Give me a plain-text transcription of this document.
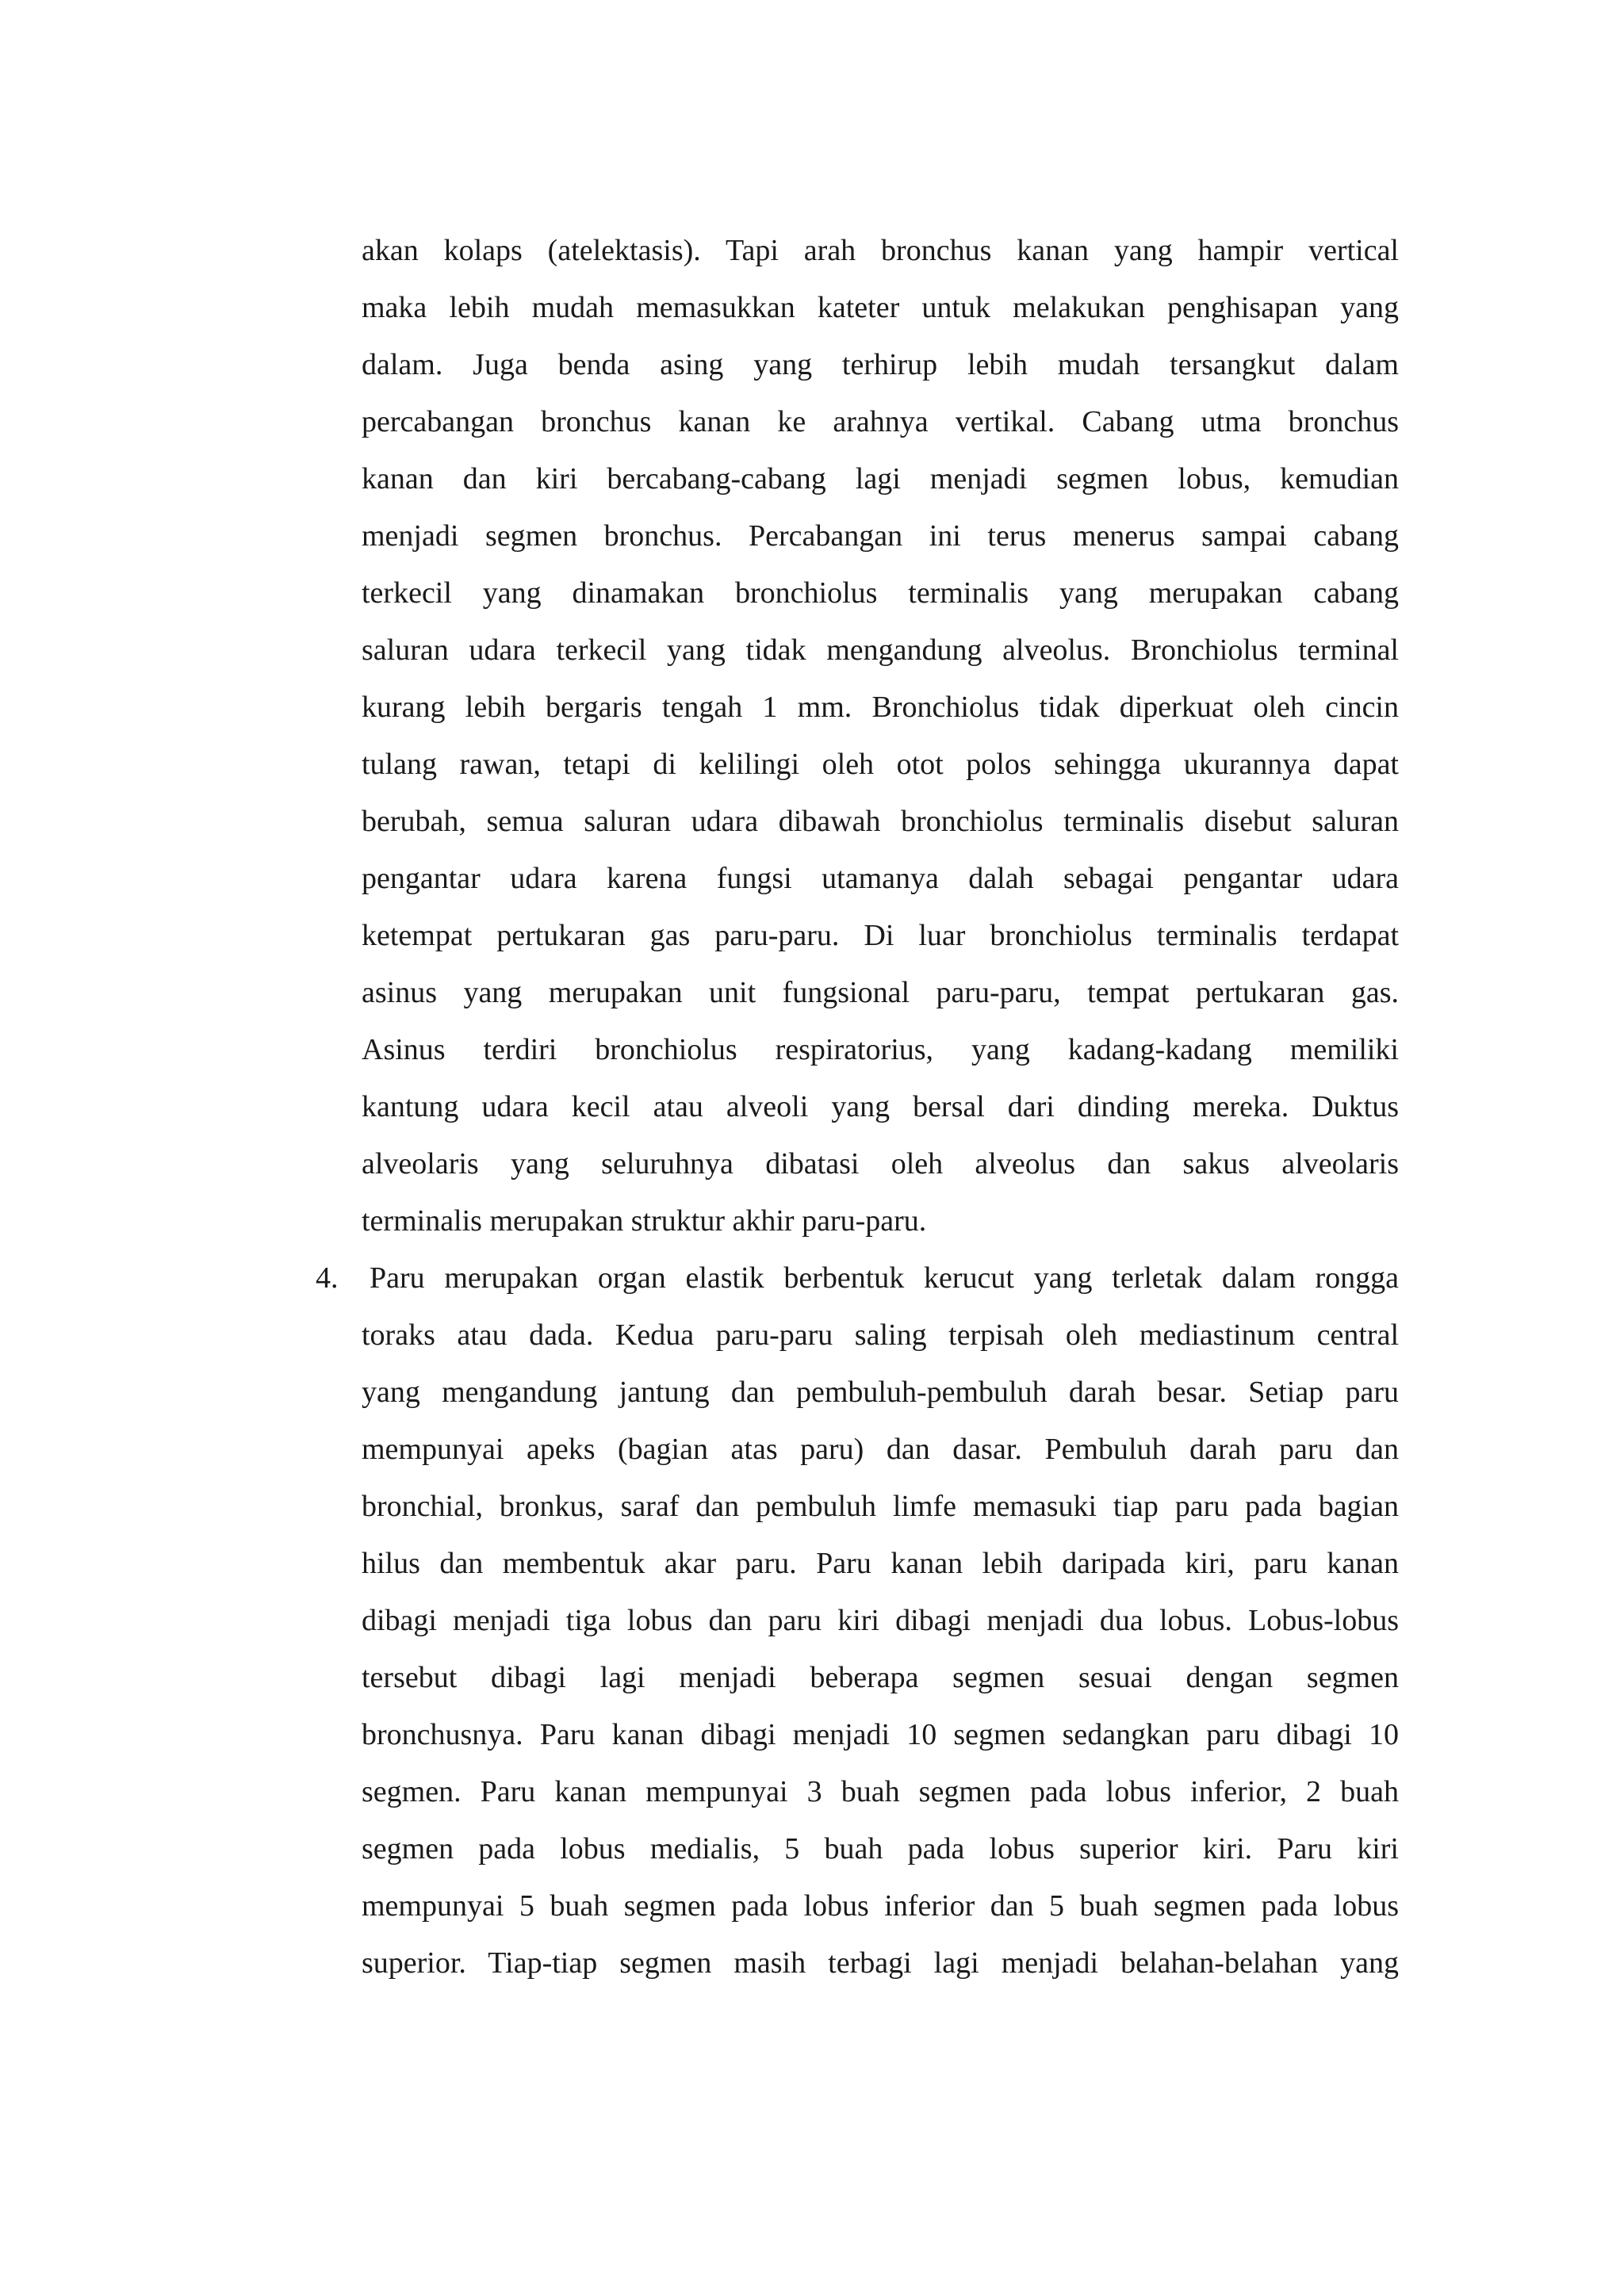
akan kolaps (atelektasis). Tapi arah bronchus kanan yang hampir vertical
maka lebih mudah memasukkan kateter untuk melakukan penghisapan yang
dalam. Juga benda asing yang terhirup lebih mudah tersangkut dalam
percabangan bronchus kanan ke arahnya vertikal. Cabang utma bronchus
kanan dan kiri bercabang-cabang lagi menjadi segmen lobus, kemudian
menjadi segmen bronchus. Percabangan ini terus menerus sampai cabang
terkecil yang dinamakan bronchiolus terminalis yang merupakan cabang
saluran udara terkecil yang tidak mengandung alveolus. Bronchiolus terminal
kurang lebih bergaris tengah 1 mm. Bronchiolus tidak diperkuat oleh cincin
tulang rawan, tetapi di kelilingi oleh otot polos sehingga ukurannya dapat
berubah, semua saluran udara dibawah bronchiolus terminalis disebut saluran
pengantar udara karena fungsi utamanya dalah sebagai pengantar udara
ketempat pertukaran gas paru-paru. Di luar bronchiolus terminalis terdapat
asinus yang merupakan unit fungsional paru-paru, tempat pertukaran gas.
Asinus terdiri bronchiolus respiratorius, yang kadang-kadang memiliki
kantung udara kecil atau alveoli yang bersal dari dinding mereka. Duktus
alveolaris yang seluruhnya dibatasi oleh alveolus dan sakus alveolaris
terminalis merupakan struktur akhir paru-paru.
4. Paru merupakan organ elastik berbentuk kerucut yang terletak dalam rongga
toraks atau dada. Kedua paru-paru saling terpisah oleh mediastinum central
yang mengandung jantung dan pembuluh-pembuluh darah besar. Setiap paru
mempunyai apeks (bagian atas paru) dan dasar. Pembuluh darah paru dan
bronchial, bronkus, saraf dan pembuluh limfe memasuki tiap paru pada bagian
hilus dan membentuk akar paru. Paru kanan lebih daripada kiri, paru kanan
dibagi menjadi tiga lobus dan paru kiri dibagi menjadi dua lobus. Lobus-lobus
tersebut dibagi lagi menjadi beberapa segmen sesuai dengan segmen
bronchusnya. Paru kanan dibagi menjadi 10 segmen sedangkan paru dibagi 10
segmen. Paru kanan mempunyai 3 buah segmen pada lobus inferior, 2 buah
segmen pada lobus medialis, 5 buah pada lobus superior kiri. Paru kiri
mempunyai 5 buah segmen pada lobus inferior dan 5 buah segmen pada lobus
superior. Tiap-tiap segmen masih terbagi lagi menjadi belahan-belahan yang
